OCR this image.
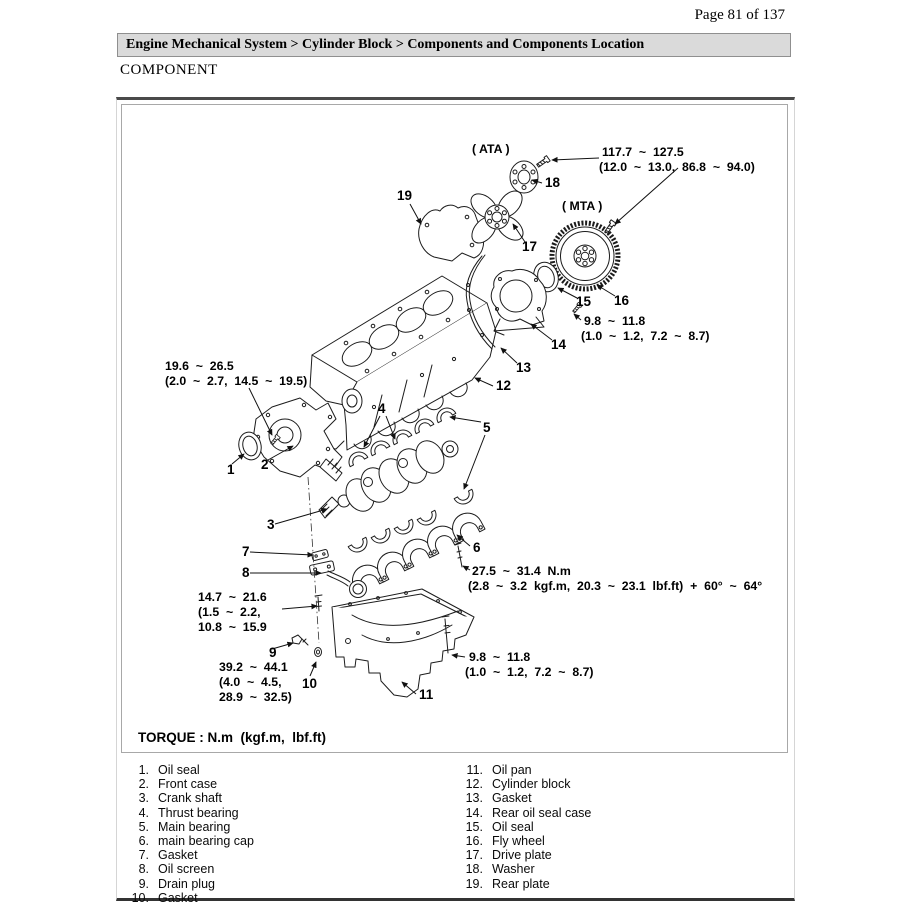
Page 81 of 137
Engine Mechanical System > Cylinder Block > Components and Components Location
COMPONENT
( ATA )
( MTA )
117.7  ~  127.5
(12.0  ~  13.0,  86.8  ~  94.0)
9.8  ~  11.8
(1.0  ~  1.2,  7.2  ~  8.7)
19.6  ~  26.5
(2.0  ~  2.7,  14.5  ~  19.5)
27.5  ~  31.4  N.m
(2.8  ~  3.2  kgf.m,  20.3  ~  23.1  lbf.ft)  +  60°  ~  64°
14.7  ~  21.6
(1.5  ~  2.2,
10.8  ~  15.9
39.2  ~  44.1
(4.0  ~  4.5,
28.9  ~  32.5)
9.8  ~  11.8
(1.0  ~  1.2,  7.2  ~  8.7)
1 2
3
4
5
6
7
8
9
10
11
12
13
14
15 16
17
18
19
TORQUE : N.m  (kgf.m,  lbf.ft)
1. Oil seal
2. Front case
3. Crank shaft
4. Thrust bearing
5. Main bearing
6. main bearing cap
7. Gasket
8. Oil screen
9. Drain plug
10. Gasket
11. Oil pan
12. Cylinder block
13. Gasket
14. Rear oil seal case
15. Oil seal
16. Fly wheel
17. Drive plate
18. Washer
19. Rear plate
